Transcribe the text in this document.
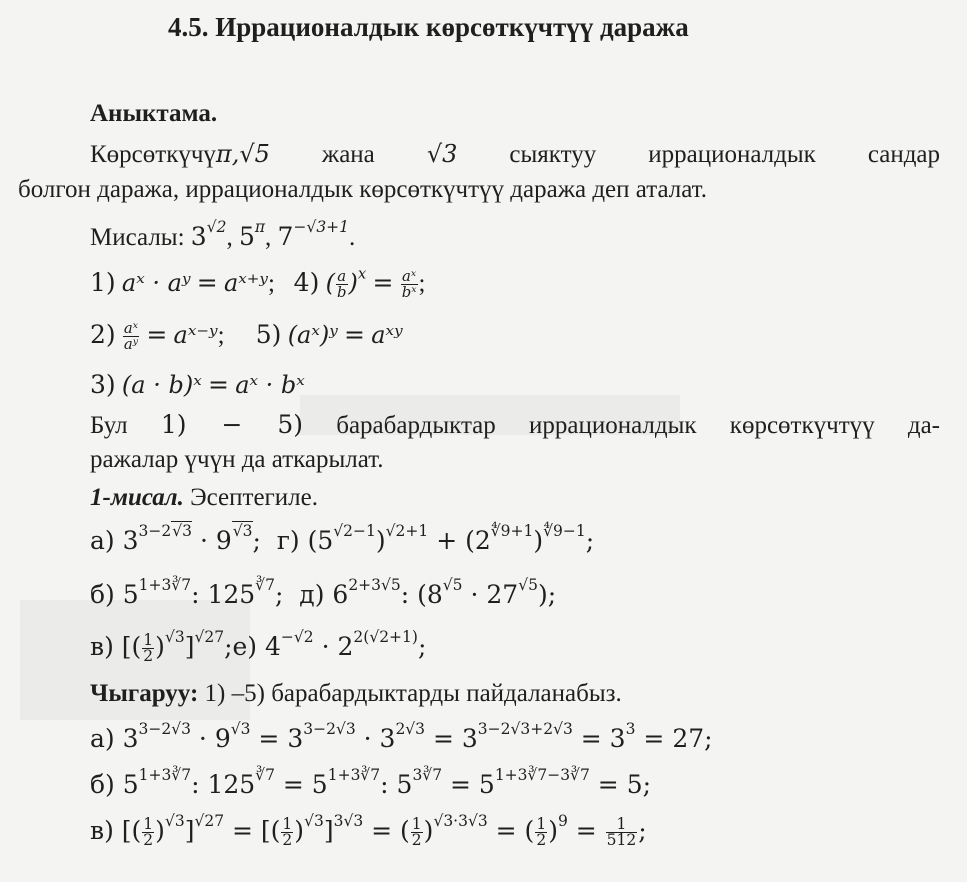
4.5. Иррационалдык көрсөткүчтүү даража
Аныктама.
Көрсөткүчүπ,√5 жана √3 сыяктуу иррационалдык сандар
болгон даража, иррационалдык көрсөткүчтүү даража деп аталат.
Мисалы: $3^{√2}$, $5^\pi$, $7^{-√3+1}$.
1) aˣ · aʸ = aˣ⁺ʸ;   4) ( $\frac{a}{b} )^x = \frac{\text{aˣ}}{\text{bˣ}}$ ;
$2) \frac{\text{aˣ}}{\text{aʸ}}$ = aˣ⁻ʸ;     5) (aˣ)ʸ = aˣʸ
3) (a · b)ˣ = aˣ · bˣ
Бул 1) − 5) барабардыктар иррационалдык көрсөткүчтүү да-
ражалар үчүн да аткарылат.
1-мисал. Эсептегиле.
а) $3^{3-2√3} \cdot 9^{√3}$;  г) $(5^{√2-1})^{√2+1} + (2^{∜9+1})^{∜9-1}$;
б) $5^{1+3∛7}$: $125^{∛7}$;  д) $6^{2+3√5}$: $(8^{√5} \cdot 27^{√5})$;
в) [( $\frac{1}{2}$ )$^{√3}$]$^{√27}$;е) $4^{-√2} \cdot 2^{2(√2+1)}$;
Чыгаруу: 1) –5) барабардыктарды пайдаланабыз.
а) $3^{3-2√3} \cdot 9^{√3} = 3^{3-2√3} \cdot 3^{2√3} = 3^{3-2√3+2√3} = 3^3 = 27$;
б) $5^{1+3∛7}$: $125^{∛7} = 5^{1+3∛7}$: $5^{3∛7} = 5^{1+3∛7-3∛7} = 5$;
в) [( $\frac{1}{2} )^{√3}]^{√27}$ = [( $\frac{1}{2} )^{√3}]^{3√3}$ = ( $\frac{1}{2} )^{√3\cdot 3√3}$ = ( $\frac{1}{2} )^9 = \frac{1}{512}$ ;
